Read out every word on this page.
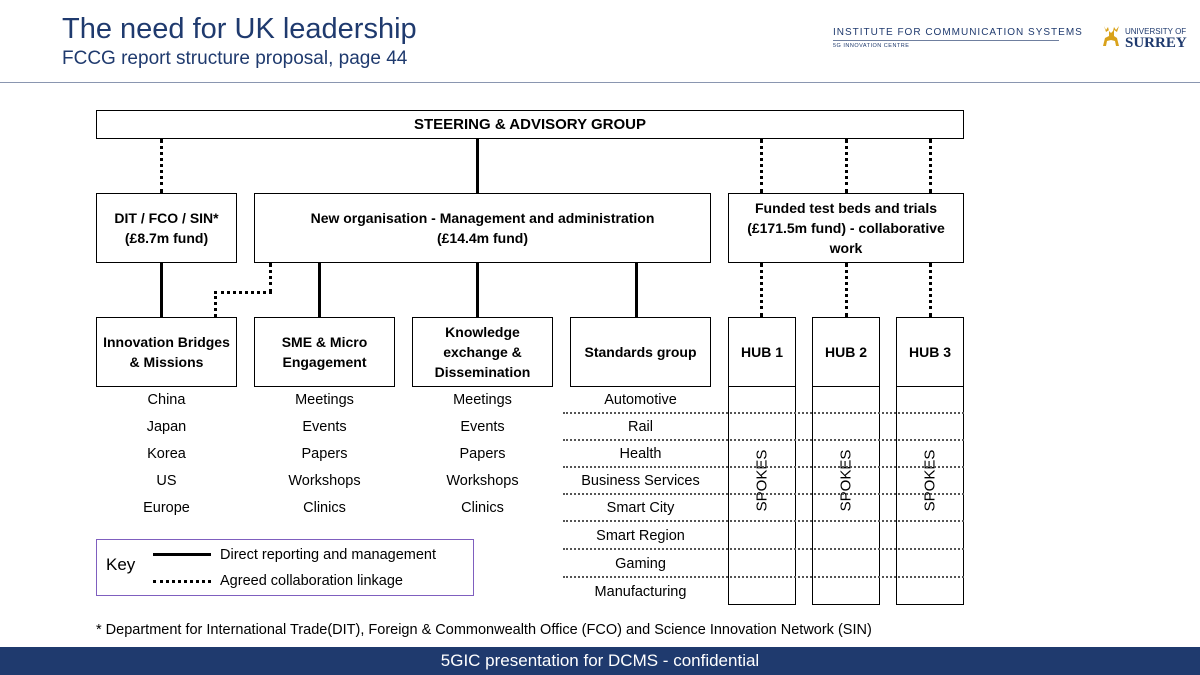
The need for UK leadership
FCCG report structure proposal, page 44
INSTITUTE FOR COMMUNICATION SYSTEMS
5G INNOVATION CENTRE
UNIVERSITY OF
SURREY
STEERING & ADVISORY GROUP
DIT / FCO / SIN*
(£8.7m fund)
New organisation - Management and administration
(£14.4m fund)
Funded test beds and trials
(£171.5m fund) - collaborative
work
Innovation Bridges
& Missions
SME & Micro
Engagement
Knowledge
exchange &
Dissemination
Standards group	HUB 1	HUB 2	HUB 3
SPOKES	SPOKES	SPOKES
China
Japan
Korea
US
Europe
Meetings
Events
Papers
Workshops
Clinics
Meetings
Events
Papers
Workshops
Clinics
Automotive
Rail
Health
Business Services
Smart City
Smart Region
Gaming
Manufacturing
Key	Direct reporting and management
Agreed collaboration linkage
* Department for International Trade(DIT), Foreign & Commonwealth Office (FCO) and Science Innovation Network (SIN)
5GIC presentation for DCMS - confidential
